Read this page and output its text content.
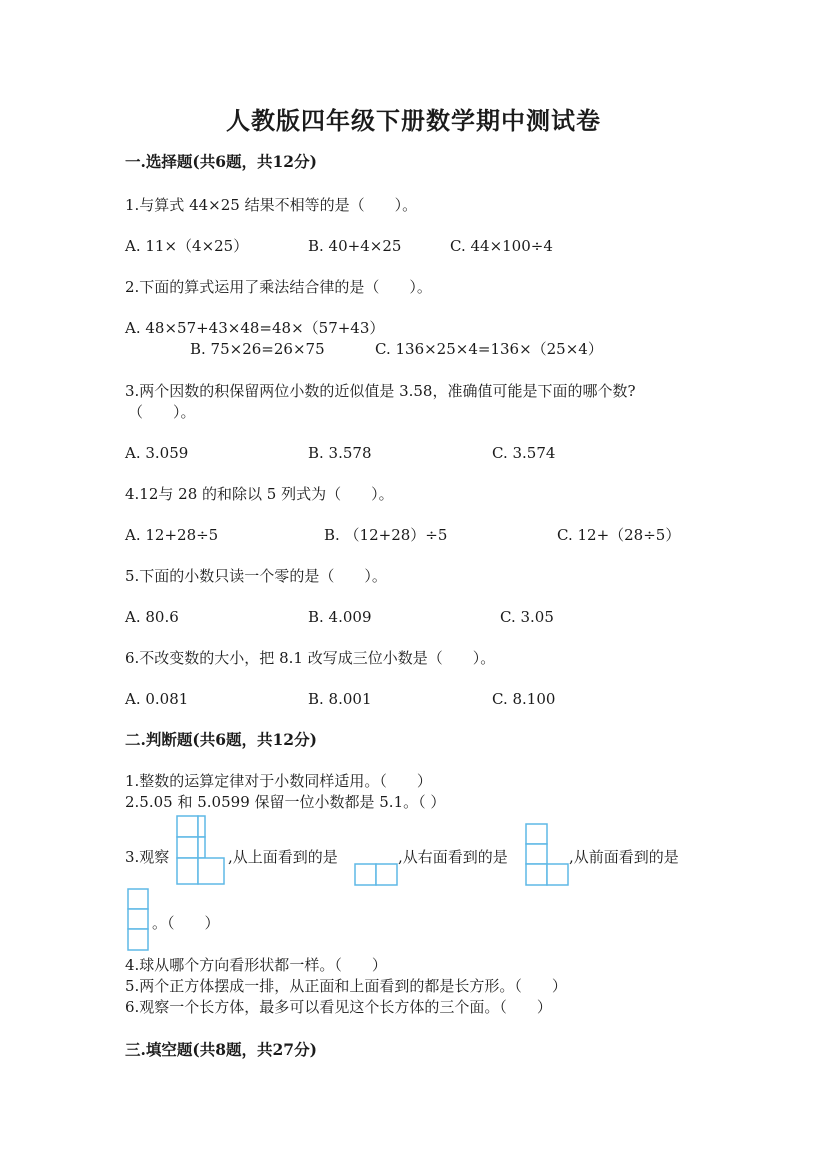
人教版四年级下册数学期中测试卷
一.选择题(共6题，共12分)
1.与算式 44×25 结果不相等的是（　　）。
A. 11×（4×25）	B. 40+4×25	C. 44×100÷4
2.下面的算式运用了乘法结合律的是（　　）。
A. 48×57+43×48=48×（57+43）
B. 75×26=26×75	C. 136×25×4=136×（25×4）
3.两个因数的积保留两位小数的近似值是 3.58，准确值可能是下面的哪个数?
（　　）。
A. 3.059	B. 3.578	C. 3.574
4.12与 28 的和除以 5 列式为（　　）。
A. 12+28÷5	B. （12+28）÷5	C. 12+（28÷5）
5.下面的小数只读一个零的是（　　）。
A. 80.6	B. 4.009	C. 3.05
6.不改变数的大小，把 8.1 改写成三位小数是（　　）。
A. 0.081	B. 8.001	C. 8.100
二.判断题(共6题，共12分)
1.整数的运算定律对于小数同样适用。（　　）
2.5.05 和 5.0599 保留一位小数都是 5.1。（ ）
3.观察	,从上面看到的是	,从右面看到的是	,从前面看到的是
。（　　）
4.球从哪个方向看形状都一样。（　　）
5.两个正方体摆成一排，从正面和上面看到的都是长方形。（　　）
6.观察一个长方体，最多可以看见这个长方体的三个面。（　　）
三.填空题(共8题，共27分)
